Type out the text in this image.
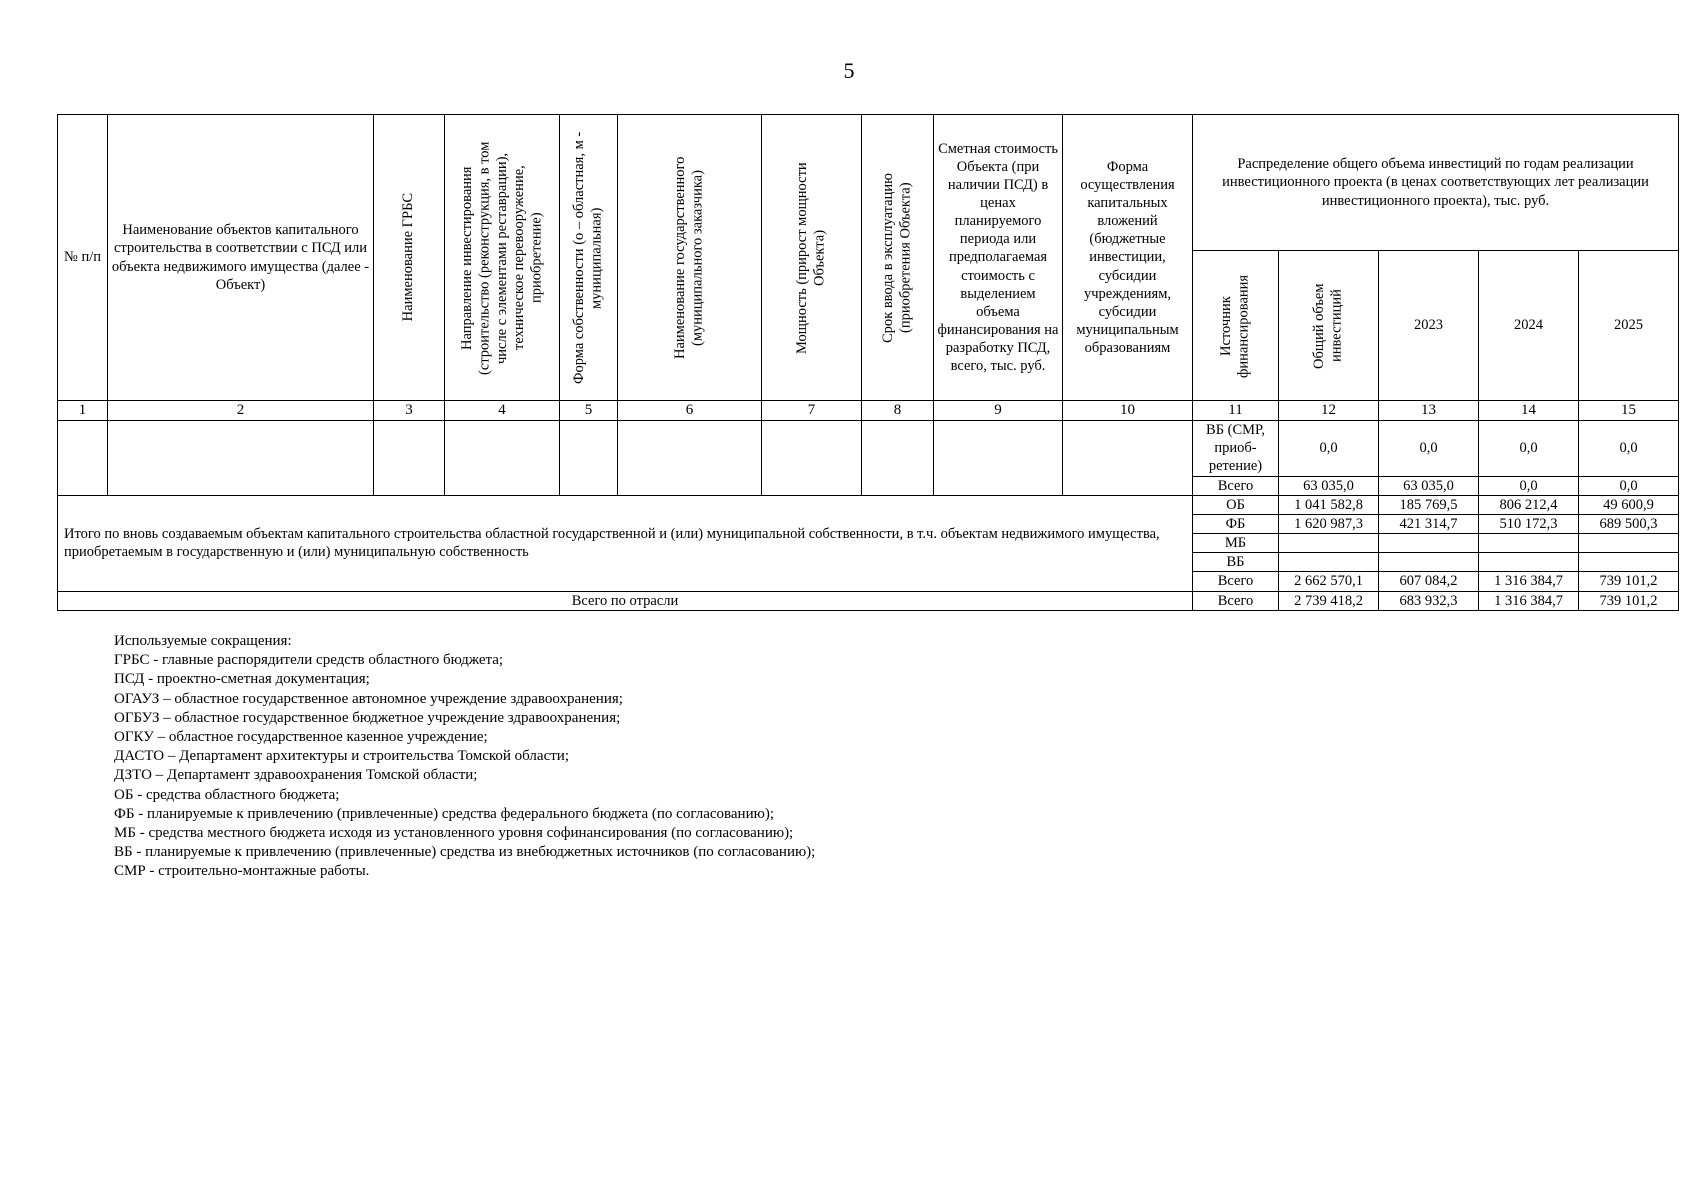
5
№ п/п	Наименование объектов капитального строительства в соответствии с ПСД или объекта недвижимого имущества (далее - Объект)	Наименование ГРБС	Направление инвестирования (строительство (реконструкция, в том числе с элементами реставрации), техническое перевооружение, приобретение)	Форма собственности (о – областная, м - муниципальная)	Наименование государственного (муниципального заказчика)	Мощность (прирост мощности Объекта)	Срок ввода в эксплуатацию (приобретения Объекта)	Сметная стоимость Объекта (при наличии ПСД) в ценах планируемого периода или предполагаемая стоимость с выделением объема финансирования на разработку ПСД, всего, тыс. руб.	Форма осуществления капитальных вложений (бюджетные инвестиции, субсидии учреждениям, субсидии муниципальным образованиям	Распределение общего объема инвестиций по годам реализации инвестиционного проекта (в ценах соответствующих лет реализации инвестиционного проекта), тыс. руб.				

										Источник финансирования	Общий объем инвестиций	2023	2024	2025
1	2	3	4	5	6	7	8	9	10	11	12	13	14	15
										ВБ (СМР, приоб-ретение)	0,0	0,0	0,0	0,0
										Всего	63 035,0	63 035,0	0,0	0,0
Итого по вновь создаваемым объектам капитального строительства областной государственной и (или) муниципальной собственности, в т.ч. объектам недвижимого имущества, приобретаемым в государственную и (или) муниципальную собственность										ОБ	1 041 582,8	185 769,5	806 212,4	49 600,9
										ФБ	1 620 987,3	421 314,7	510 172,3	689 500,3
										МБ				
										ВБ				
										Всего	2 662 570,1	607 084,2	1 316 384,7	739 101,2
Всего по отрасли										Всего	2 739 418,2	683 932,3	1 316 384,7	739 101,2
Используемые сокращения:
ГРБС - главные распорядители средств областного бюджета;
ПСД - проектно-сметная документация;
ОГАУЗ – областное государственное автономное учреждение здравоохранения;
ОГБУЗ – областное государственное бюджетное учреждение здравоохранения;
ОГКУ – областное государственное казенное учреждение;
ДАСТО – Департамент архитектуры и строительства Томской области;
ДЗТО – Департамент здравоохранения Томской области;
ОБ - средства областного бюджета;
ФБ - планируемые к привлечению (привлеченные) средства федерального бюджета (по согласованию);
МБ - средства местного бюджета исходя из установленного уровня софинансирования (по согласованию);
ВБ - планируемые к привлечению (привлеченные) средства из внебюджетных источников (по согласованию);
СМР - строительно-монтажные работы.
